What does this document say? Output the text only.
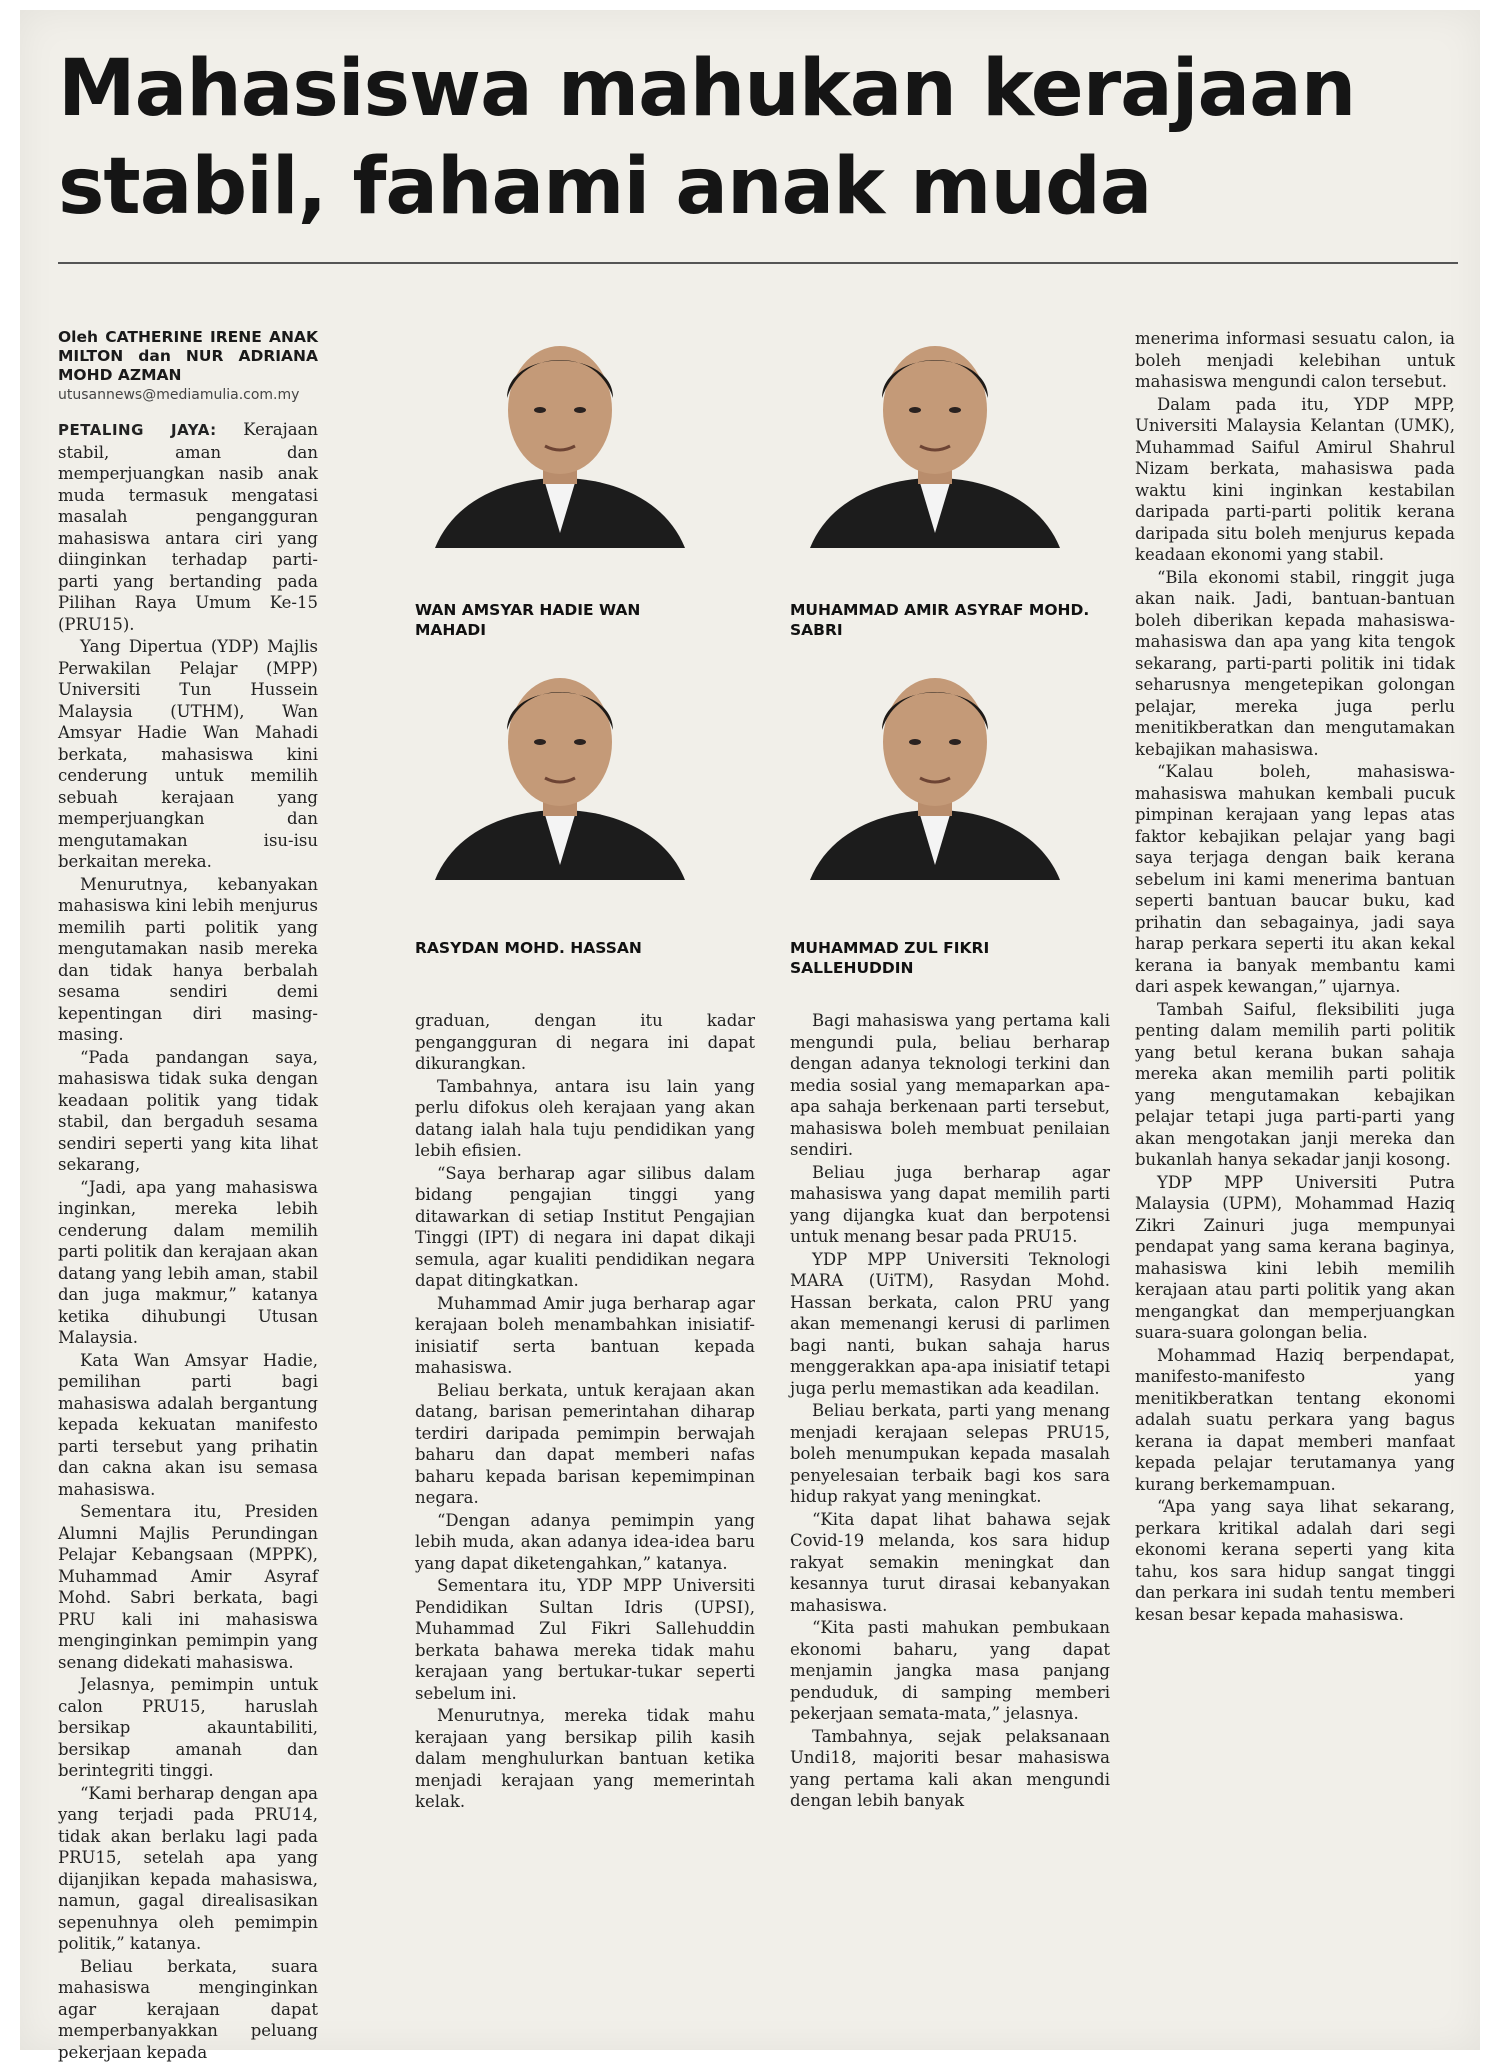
Mahasiswa mahukan kerajaan stabil, fahami anak muda
Oleh CATHERINE IRENE ANAK MILTON dan NUR ADRIANA MOHD AZMAN
utusannews@mediamulia.com.my
PETALING JAYA: Kerajaan stabil, aman dan memperjuangkan nasib anak muda termasuk mengatasi masalah pengangguran mahasiswa antara ciri yang diinginkan terhadap parti-parti yang bertanding pada Pilihan Raya Umum Ke-15 (PRU15).

Yang Dipertua (YDP) Majlis Perwakilan Pelajar (MPP) Universiti Tun Hussein Malaysia (UTHM), Wan Amsyar Hadie Wan Mahadi berkata, mahasiswa kini cenderung untuk memilih sebuah kerajaan yang memperjuangkan dan mengutamakan isu-isu berkaitan mereka.

Menurutnya, kebanyakan mahasiswa kini lebih menjurus memilih parti politik yang mengutamakan nasib mereka dan tidak hanya berbalah sesama sendiri demi kepentingan diri masing-masing.

“Pada pandangan saya, mahasiswa tidak suka dengan keadaan politik yang tidak stabil, dan bergaduh sesama sendiri seperti yang kita lihat sekarang,

“Jadi, apa yang mahasiswa inginkan, mereka lebih cenderung dalam memilih parti politik dan kerajaan akan datang yang lebih aman, stabil dan juga makmur,” katanya ketika dihubungi Utusan Malaysia.

Kata Wan Amsyar Hadie, pemilihan parti bagi mahasiswa adalah bergantung kepada kekuatan manifesto parti tersebut yang prihatin dan cakna akan isu semasa mahasiswa.

Sementara itu, Presiden Alumni Majlis Perundingan Pelajar Kebangsaan (MPPK), Muhammad Amir Asyraf Mohd. Sabri berkata, bagi PRU kali ini mahasiswa menginginkan pemimpin yang senang didekati mahasiswa.

Jelasnya, pemimpin untuk calon PRU15, haruslah bersikap akauntabiliti, bersikap amanah dan berintegriti tinggi.

“Kami berharap dengan apa yang terjadi pada PRU14, tidak akan berlaku lagi pada PRU15, setelah apa yang dijanjikan kepada mahasiswa, namun, gagal direalisasikan sepenuhnya oleh pemimpin politik,” katanya.

Beliau berkata, suara mahasiswa menginginkan agar kerajaan dapat memperbanyakkan peluang pekerjaan kepada

WAN AMSYAR HADIE WAN MAHADI
MUHAMMAD AMIR ASYRAF MOHD. SABRI
RASYDAN MOHD. HASSAN	MUHAMMAD ZUL FIKRI SALLEHUDDIN

graduan, dengan itu kadar pengangguran di negara ini dapat dikurangkan.

Tambahnya, antara isu lain yang perlu difokus oleh kerajaan yang akan datang ialah hala tuju pendidikan yang lebih efisien.

“Saya berharap agar silibus dalam bidang pengajian tinggi yang ditawarkan di setiap Institut Pengajian Tinggi (IPT) di negara ini dapat dikaji semula, agar kualiti pendidikan negara dapat ditingkatkan.

Muhammad Amir juga berharap agar kerajaan boleh menambahkan inisiatif-inisiatif serta bantuan kepada mahasiswa.

Beliau berkata, untuk kerajaan akan datang, barisan pemerintahan diharap terdiri daripada pemimpin berwajah baharu dan dapat memberi nafas baharu kepada barisan kepemimpinan negara.

“Dengan adanya pemimpin yang lebih muda, akan adanya idea-idea baru yang dapat diketengahkan,” katanya.

Sementara itu, YDP MPP Universiti Pendidikan Sultan Idris (UPSI), Muhammad Zul Fikri Sallehuddin berkata bahawa mereka tidak mahu kerajaan yang bertukar-tukar seperti sebelum ini.

Menurutnya, mereka tidak mahu kerajaan yang bersikap pilih kasih dalam menghulurkan bantuan ketika menjadi kerajaan yang memerintah kelak.

Bagi mahasiswa yang pertama kali mengundi pula, beliau berharap dengan adanya teknologi terkini dan media sosial yang memaparkan apa-apa sahaja berkenaan parti tersebut, mahasiswa boleh membuat penilaian sendiri.

Beliau juga berharap agar mahasiswa yang dapat memilih parti yang dijangka kuat dan berpotensi untuk menang besar pada PRU15.

YDP MPP Universiti Teknologi MARA (UiTM), Rasydan Mohd. Hassan berkata, calon PRU yang akan memenangi kerusi di parlimen bagi nanti, bukan sahaja harus menggerakkan apa-apa inisiatif tetapi juga perlu memastikan ada keadilan.

Beliau berkata, parti yang menang menjadi kerajaan selepas PRU15, boleh menumpukan kepada masalah penyelesaian terbaik bagi kos sara hidup rakyat yang meningkat.

“Kita dapat lihat bahawa sejak Covid-19 melanda, kos sara hidup rakyat semakin meningkat dan kesannya turut dirasai kebanyakan mahasiswa.

“Kita pasti mahukan pembukaan ekonomi baharu, yang dapat menjamin jangka masa panjang penduduk, di samping memberi pekerjaan semata-mata,” jelasnya.

Tambahnya, sejak pelaksanaan Undi18, majoriti besar mahasiswa yang pertama kali akan mengundi dengan lebih banyak

menerima informasi sesuatu calon, ia boleh menjadi kelebihan untuk mahasiswa mengundi calon tersebut.

Dalam pada itu, YDP MPP, Universiti Malaysia Kelantan (UMK), Muhammad Saiful Amirul Shahrul Nizam berkata, mahasiswa pada waktu kini inginkan kestabilan daripada parti-parti politik kerana daripada situ boleh menjurus kepada keadaan ekonomi yang stabil.

“Bila ekonomi stabil, ringgit juga akan naik. Jadi, bantuan-bantuan boleh diberikan kepada mahasiswa-mahasiswa dan apa yang kita tengok sekarang, parti-parti politik ini tidak seharusnya mengetepikan golongan pelajar, mereka juga perlu menitikberatkan dan mengutamakan kebajikan mahasiswa.

“Kalau boleh, mahasiswa-mahasiswa mahukan kembali pucuk pimpinan kerajaan yang lepas atas faktor kebajikan pelajar yang bagi saya terjaga dengan baik kerana sebelum ini kami menerima bantuan seperti bantuan baucar buku, kad prihatin dan sebagainya, jadi saya harap perkara seperti itu akan kekal kerana ia banyak membantu kami dari aspek kewangan,” ujarnya.

Tambah Saiful, fleksibiliti juga penting dalam memilih parti politik yang betul kerana bukan sahaja mereka akan memilih parti politik yang mengutamakan kebajikan pelajar tetapi juga parti-parti yang akan mengotakan janji mereka dan bukanlah hanya sekadar janji kosong.

YDP MPP Universiti Putra Malaysia (UPM), Mohammad Haziq Zikri Zainuri juga mempunyai pendapat yang sama kerana baginya, mahasiswa kini lebih memilih kerajaan atau parti politik yang akan mengangkat dan memperjuangkan suara-suara golongan belia.

Mohammad Haziq berpendapat, manifesto-manifesto yang menitikberatkan tentang ekonomi adalah suatu perkara yang bagus kerana ia dapat memberi manfaat kepada pelajar terutamanya yang kurang berkemampuan.

“Apa yang saya lihat sekarang, perkara kritikal adalah dari segi ekonomi kerana seperti yang kita tahu, kos sara hidup sangat tinggi dan perkara ini sudah tentu memberi kesan besar kepada mahasiswa.
